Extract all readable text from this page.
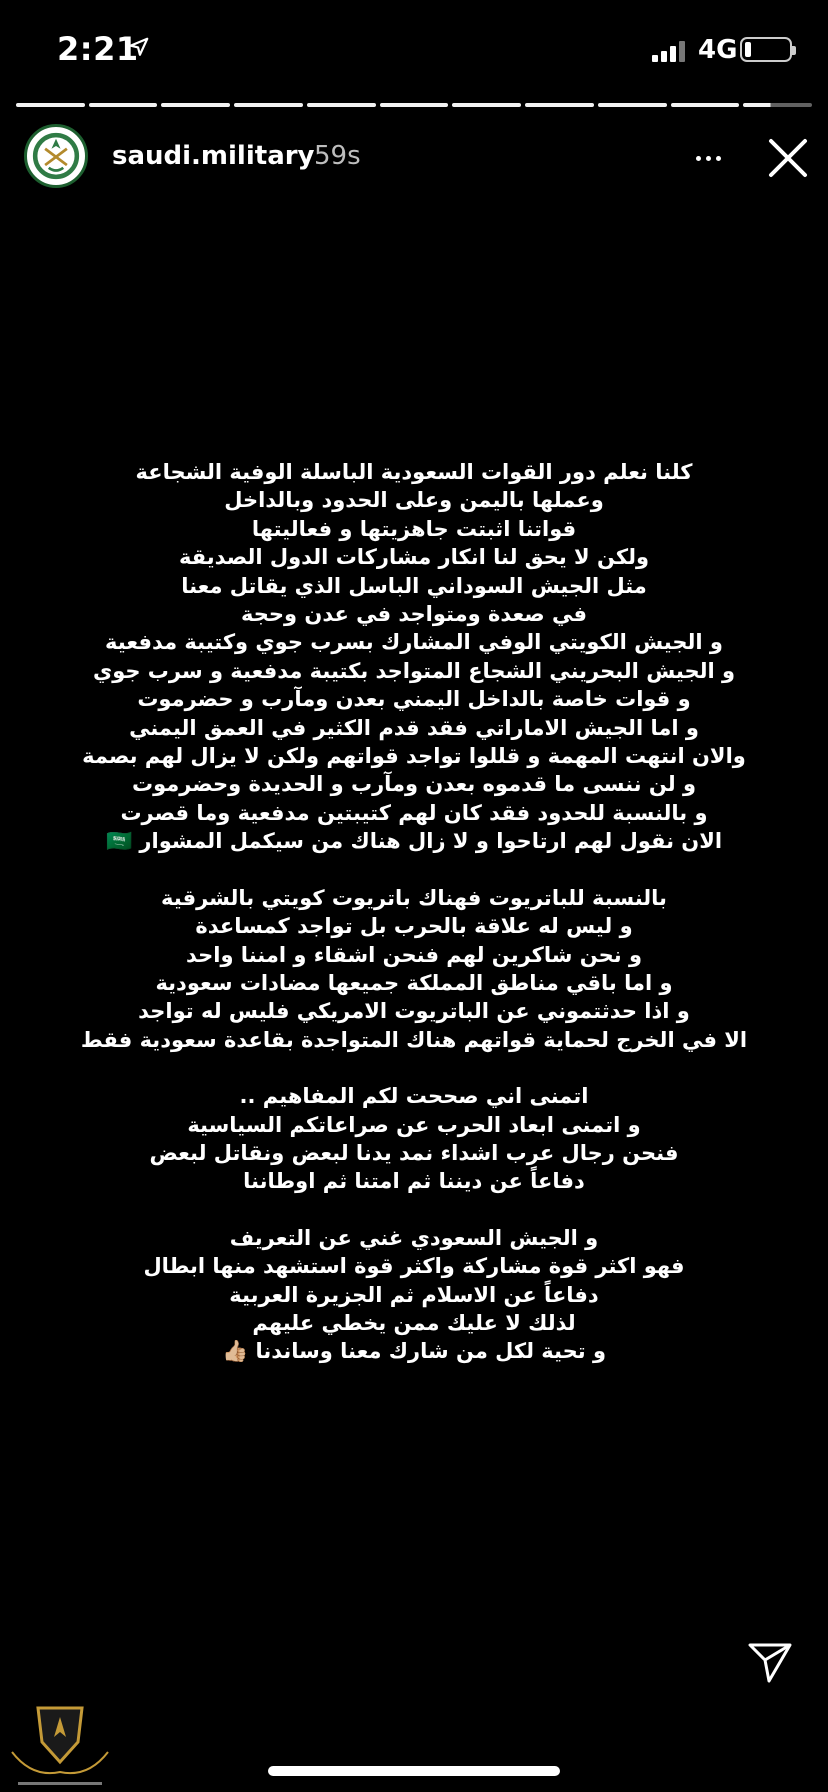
2:21	4G
saudi.military 59s
كلنا نعلم دور القوات السعودية الباسلة الوفية الشجاعة
وعملها باليمن وعلى الحدود وبالداخل
قواتنا اثبتت جاهزيتها و فعاليتها
ولكن لا يحق لنا انكار مشاركات الدول الصديقة
مثل الجيش السوداني الباسل الذي يقاتل معنا
في صعدة ومتواجد في عدن وحجة
و الجيش الكويتي الوفي المشارك بسرب جوي وكتيبة مدفعية
و الجيش البحريني الشجاع المتواجد بكتيبة مدفعية و سرب جوي
و قوات خاصة بالداخل اليمني بعدن ومآرب و حضرموت
و اما الجيش الاماراتي فقد قدم الكثير في العمق اليمني
والان انتهت المهمة و قللوا تواجد قواتهم ولكن لا يزال لهم بصمة
و لن ننسى ما قدموه بعدن ومآرب و الحديدة وحضرموت
و بالنسبة للحدود فقد كان لهم كتيبتين مدفعية وما قصرت
الان نقول لهم ارتاحوا و لا زال هناك من سيكمل المشوار 🇸🇦
بالنسبة للباتريوت فهناك باتريوت كويتي بالشرقية
و ليس له علاقة بالحرب بل تواجد كمساعدة
و نحن شاكرين لهم فنحن اشقاء و امننا واحد
و اما باقي مناطق المملكة جميعها مضادات سعودية
و اذا حدثتموني عن الباتريوت الامريكي فليس له تواجد
الا في الخرج لحماية قواتهم هناك المتواجدة بقاعدة سعودية فقط
اتمنى اني صححت لكم المفاهيم ..
و اتمنى ابعاد الحرب عن صراعاتكم السياسية
فنحن رجال عرب اشداء نمد يدنا لبعض ونقاتل لبعض
دفاعاً عن ديننا ثم امتنا ثم اوطاننا
و الجيش السعودي غني عن التعريف
فهو اكثر قوة مشاركة واكثر قوة استشهد منها ابطال
دفاعاً عن الاسلام ثم الجزيرة العربية
لذلك لا عليك ممن يخطي عليهم
و تحية لكل من شارك معنا وساندنا 👍🏼
